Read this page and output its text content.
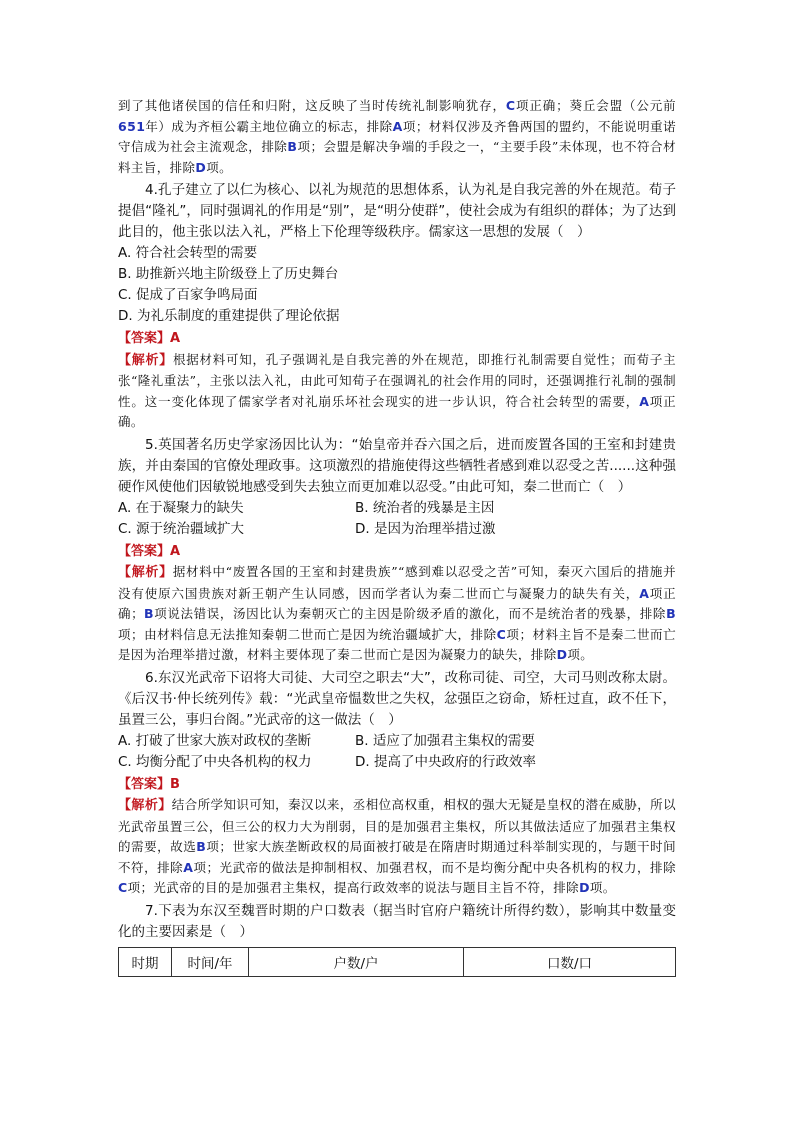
到了其他诸侯国的信任和归附，这反映了当时传统礼制影响犹存，C项正确；葵丘会盟（公元前651年）成为齐桓公霸主地位确立的标志，排除A项；材料仅涉及齐鲁两国的盟约，不能说明重诺守信成为社会主流观念，排除B项；会盟是解决争端的手段之一，“主要手段”未体现，也不符合材料主旨，排除D项。

4.孔子建立了以仁为核心、以礼为规范的思想体系，认为礼是自我完善的外在规范。荀子提倡“隆礼”，同时强调礼的作用是“别”，是“明分使群”，使社会成为有组织的群体；为了达到此目的，他主张以法入礼，严格上下伦理等级秩序。儒家这一思想的发展（　）

A. 符合社会转型的需要

B. 助推新兴地主阶级登上了历史舞台

C. 促成了百家争鸣局面

D. 为礼乐制度的重建提供了理论依据

【答案】A

【解析】根据材料可知，孔子强调礼是自我完善的外在规范，即推行礼制需要自觉性；而荀子主张“隆礼重法”，主张以法入礼，由此可知荀子在强调礼的社会作用的同时，还强调推行礼制的强制性。这一变化体现了儒家学者对礼崩乐坏社会现实的进一步认识，符合社会转型的需要，A项正确。

5.英国著名历史学家汤因比认为：“始皇帝并吞六国之后，进而废置各国的王室和封建贵族，并由秦国的官僚处理政事。这项激烈的措施使得这些牺牲者感到难以忍受之苦......这种强硬作风使他们因敏锐地感受到失去独立而更加难以忍受。”由此可知，秦二世而亡（　）

A. 在于凝聚力的缺失	B. 统治者的残暴是主因

C. 源于统治疆域扩大	D. 是因为治理举措过激

【答案】A

【解析】据材料中“废置各国的王室和封建贵族”“感到难以忍受之苦”可知，秦灭六国后的措施并没有使原六国贵族对新王朝产生认同感，因而学者认为秦二世而亡与凝聚力的缺失有关，A项正确；B项说法错误，汤因比认为秦朝灭亡的主因是阶级矛盾的激化，而不是统治者的残暴，排除B项；由材料信息无法推知秦朝二世而亡是因为统治疆域扩大，排除C项；材料主旨不是秦二世而亡是因为治理举措过激，材料主要体现了秦二世而亡是因为凝聚力的缺失，排除D项。

6.东汉光武帝下诏将大司徒、大司空之职去“大”，改称司徒、司空，大司马则改称太尉。《后汉书·仲长统列传》载：“光武皇帝愠数世之失权，忿强臣之窃命，矫枉过直，政不任下，虽置三公，事归台阁。”光武帝的这一做法（　）

A. 打破了世家大族对政权的垄断	B. 适应了加强君主集权的需要

C. 均衡分配了中央各机构的权力	D. 提高了中央政府的行政效率

【答案】B

【解析】结合所学知识可知，秦汉以来，丞相位高权重，相权的强大无疑是皇权的潜在威胁，所以光武帝虽置三公，但三公的权力大为削弱，目的是加强君主集权，所以其做法适应了加强君主集权的需要，故选B项；世家大族垄断政权的局面被打破是在隋唐时期通过科举制实现的，与题干时间不符，排除A项；光武帝的做法是抑制相权、加强君权，而不是均衡分配中央各机构的权力，排除C项；光武帝的目的是加强君主集权，提高行政效率的说法与题目主旨不符，排除D项。

7.下表为东汉至魏晋时期的户口数表（据当时官府户籍统计所得约数），影响其中数量变化的主要因素是（　）

时期	时间/年	户数/户	口数/口
